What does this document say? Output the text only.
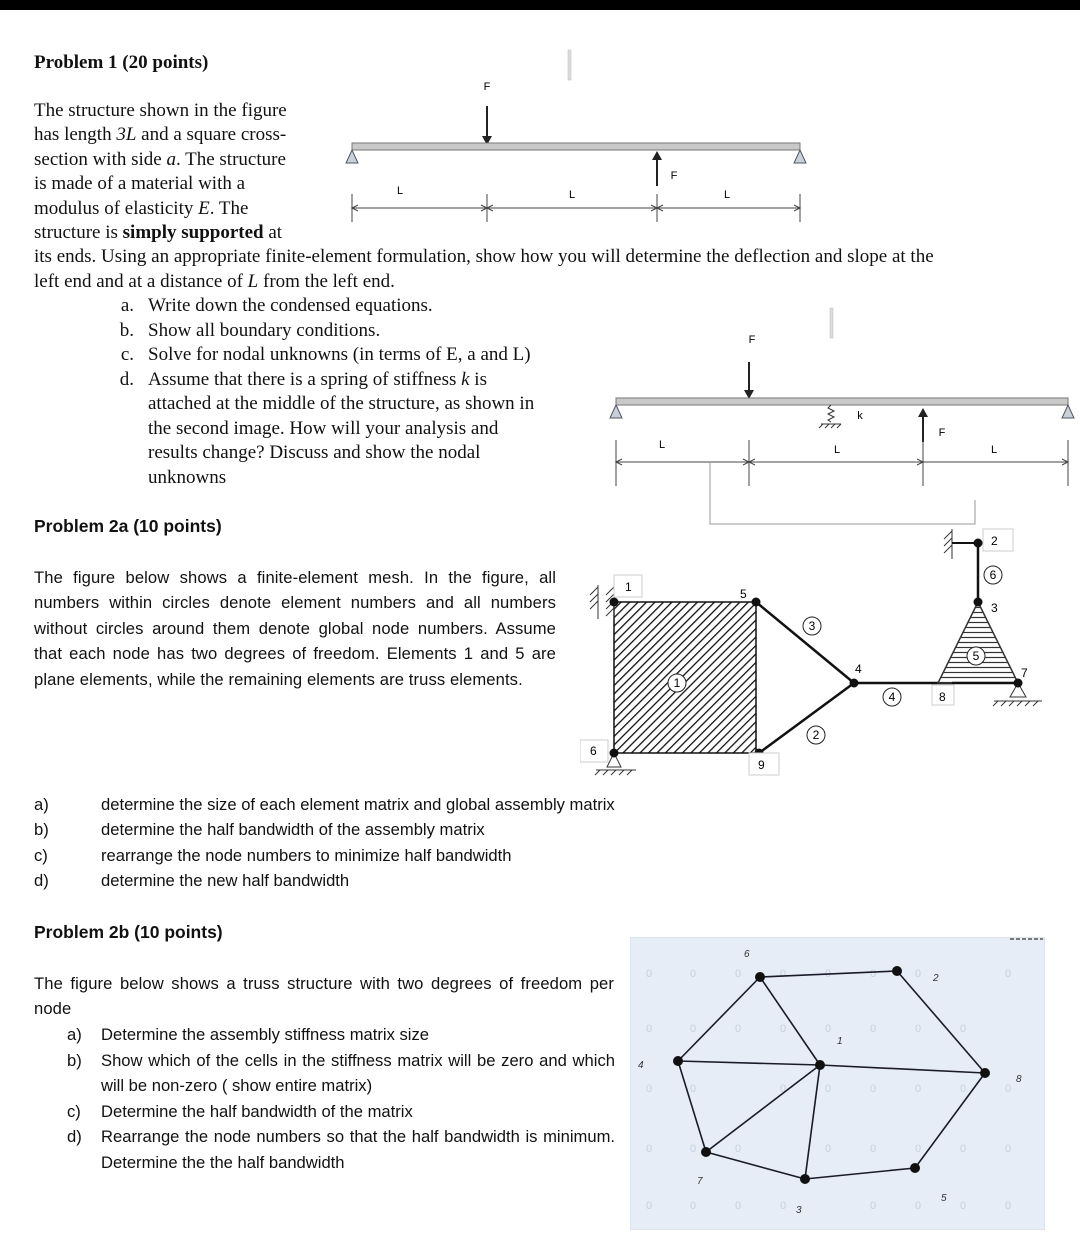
Problem 1 (20 points)
The structure shown in the figure
has length 3L and a square cross-
section with side a. The structure
is made of a material with a
modulus of elasticity E. The
structure is simply supported at
its ends. Using an appropriate finite-element formulation, show how you will determine the deflection and slope at the
left end and at a distance of L from the left end.
a. Write down the condensed equations.
b. Show all boundary conditions.
c. Solve for nodal unknowns (in terms of E, a and L)
d. Assume that there is a spring of stiffness k is
attached at the middle of the structure, as shown in
the second image. How will your analysis and
results change? Discuss and show the nodal
unknowns
F
F
L	L	L
F
k
F
L	L	L
Problem 2a (10 points)
The figure below shows a finite-element mesh. In the figure, all numbers within circles denote element numbers and all numbers without circles around them denote global node numbers. Assume that each node has two degrees of freedom. Elements 1 and 5 are plane elements, while the remaining elements are truss elements.
a)	determine the size of each element matrix and global assembly matrix
b)	determine the half bandwidth of the assembly matrix
c)	rearrange the node numbers to minimize half bandwidth
d)	determine the new half bandwidth
1
2
3
4
5
6
7
8
9
1
2
3
4
5
6
Problem 2b (10 points)
The figure below shows a truss structure with two degrees of freedom per node
a)	Determine the assembly stiffness matrix size
b)	Show which of the cells in the stiffness matrix will be zero and which will be non-zero ( show entire matrix)
c)	Determine the half bandwidth of the matrix
d)	Rearrange the node numbers so that the half bandwidth is minimum. Determine the the half bandwidth
0
0
0
0
0
0
0
0
0
0
0
0
0
0
0
0
0
0
0
0
0
0
0
0
0
0
0
0
0
0
0
0
0
0
0
0
0
0
0
0
1
2
3
4
5
6
7
8
